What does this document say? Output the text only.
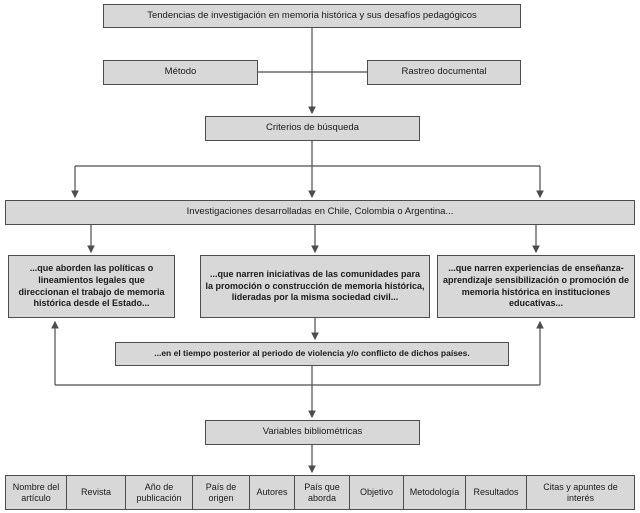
Tendencias de investigación en memoria histórica y sus desafíos pedagógicos
Método	Rastreo documental
Criterios de búsqueda
Investigaciones desarrolladas en Chile, Colombia o Argentina...
...que aborden las políticas o lineamientos legales que direccionan el trabajo de memoria histórica desde el Estado...
...que narren iniciativas de las comunidades para la promoción o construcción de memoria histórica, lideradas por la misma sociedad civil...
...que narren experiencias de enseñanza-aprendizaje sensibilización o promoción de memoria histórica en instituciones educativas...
...en el tiempo posterior al periodo de violencia y/o conflicto de dichos países.
Variables bibliométricas
Nombre del artículo
Revista
Año de publicación
País de origen
Autores
País que aborda
Objetivo	Metodología	Resultados
Citas y apuntes de interés
